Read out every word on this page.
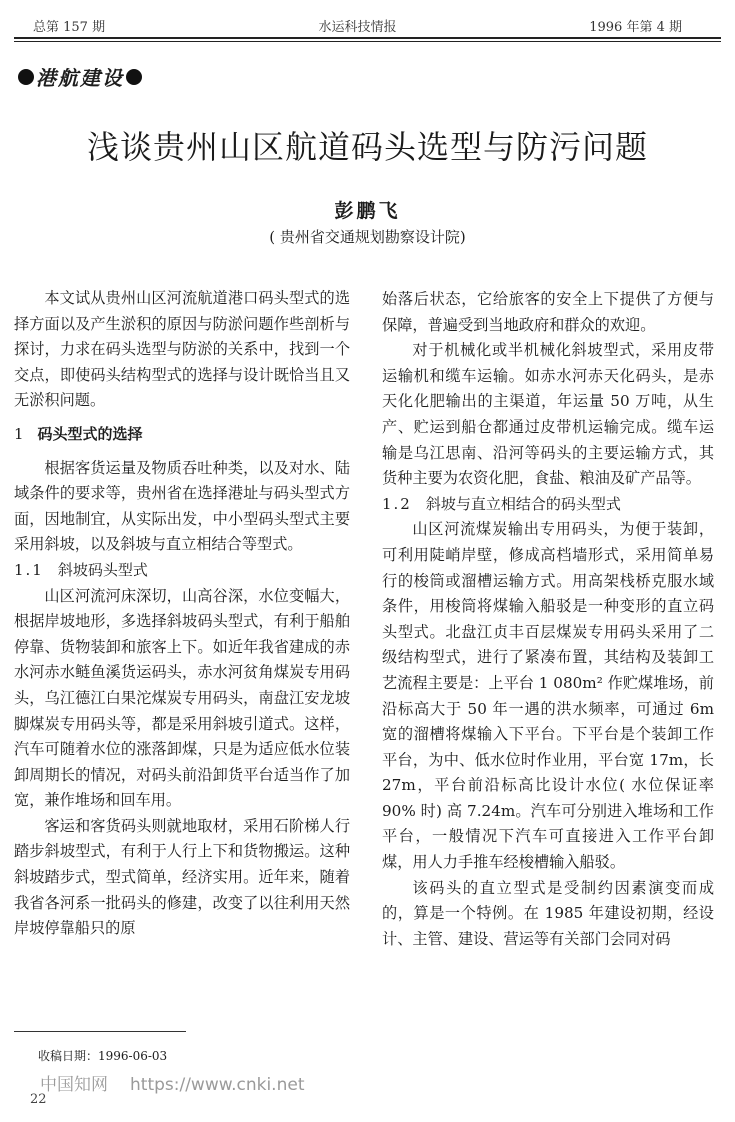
总第 157 期	水运科技情报	1996 年第 4 期
港航建设
浅谈贵州山区航道码头选型与防污问题
彭鹏飞
( 贵州省交通规划勘察设计院)

本文试从贵州山区河流航道港口码头型式的选择方面以及产生淤积的原因与防淤问题作些剖析与探讨，力求在码头选型与防淤的关系中，找到一个交点，即使码头结构型式的选择与设计既恰当且又无淤积问题。

1 码头型式的选择

根据客货运量及物质吞吐种类，以及对水、陆域条件的要求等，贵州省在选择港址与码头型式方面，因地制宜，从实际出发，中小型码头型式主要采用斜坡，以及斜坡与直立相结合等型式。

1.1 斜坡码头型式

山区河流河床深切，山高谷深，水位变幅大，根据岸坡地形，多选择斜坡码头型式，有利于船舶停靠、货物装卸和旅客上下。如近年我省建成的赤水河赤水鲢鱼溪货运码头，赤水河贫角煤炭专用码头，乌江德江白果沱煤炭专用码头，南盘江安龙坡脚煤炭专用码头等，都是采用斜坡引道式。这样，汽车可随着水位的涨落卸煤，只是为适应低水位装卸周期长的情况，对码头前沿卸货平台适当作了加宽，兼作堆场和回车用。

客运和客货码头则就地取材，采用石阶梯人行踏步斜坡型式，有利于人行上下和货物搬运。这种斜坡踏步式，型式简单，经济实用。近年来，随着我省各河系一批码头的修建，改变了以往利用天然岸坡停靠船只的原

始落后状态，它给旅客的安全上下提供了方便与保障，普遍受到当地政府和群众的欢迎。

对于机械化或半机械化斜坡型式，采用皮带运输机和缆车运输。如赤水河赤天化码头，是赤天化化肥输出的主渠道，年运量 50 万吨，从生产、贮运到船仓都通过皮带机运输完成。缆车运输是乌江思南、沿河等码头的主要运输方式，其货种主要为农资化肥，食盐、粮油及矿产品等。

1.2 斜坡与直立相结合的码头型式

山区河流煤炭输出专用码头，为便于装卸，可利用陡峭岸壁，修成高档墙形式，采用简单易行的梭筒或溜槽运输方式。用高架栈桥克服水域条件，用梭筒将煤输入船驳是一种变形的直立码头型式。北盘江贞丰百层煤炭专用码头采用了二级结构型式，进行了紧凑布置，其结构及装卸工艺流程主要是：上平台 1 080m² 作贮煤堆场，前沿标高大于 50 年一遇的洪水频率，可通过 6m 宽的溜槽将煤输入下平台。下平台是个装卸工作平台，为中、低水位时作业用，平台宽 17m，长 27m，平台前沿标高比设计水位( 水位保证率 90% 时) 高 7.24m。汽车可分别进入堆场和工作平台，一般情况下汽车可直接进入工作平台卸煤，用人力手推车经梭槽输入船驳。

该码头的直立型式是受制约因素演变而成的，算是一个特例。在 1985 年建设初期，经设计、主管、建设、营运等有关部门会同对码

收稿日期：1996-06-03
中国知网 https://www.cnki.net
22
